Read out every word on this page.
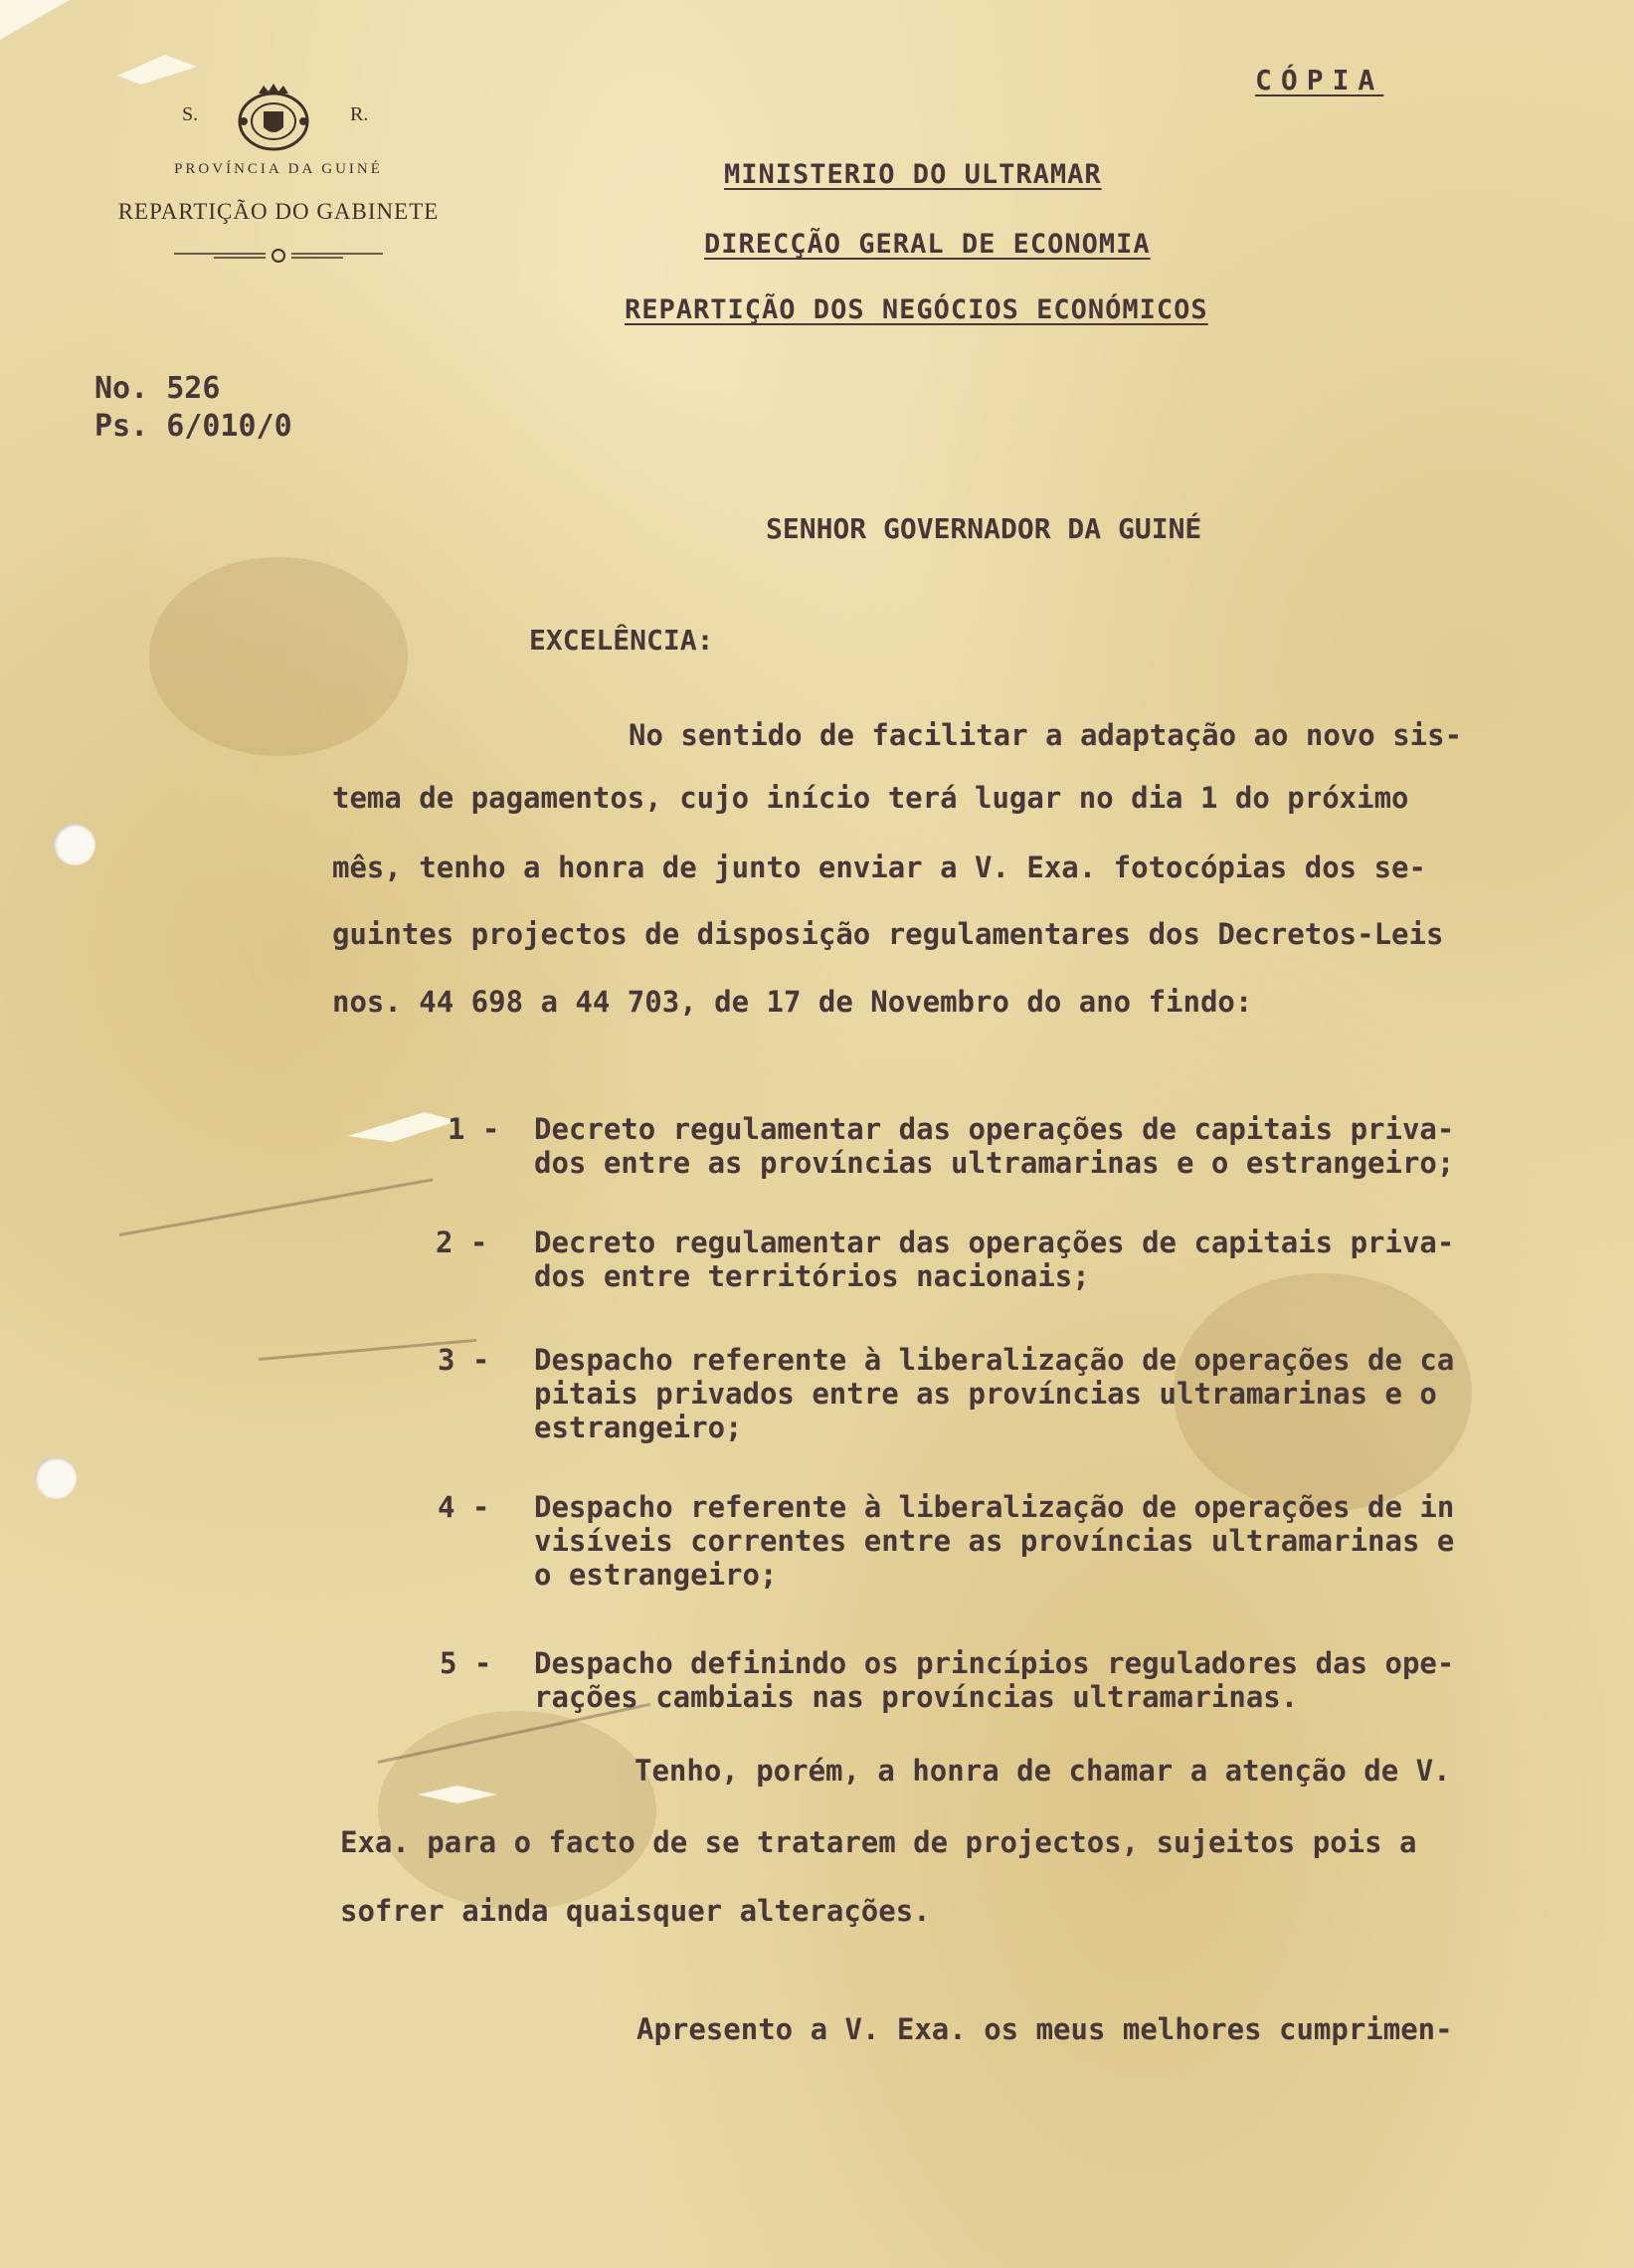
S.	R.
PROVÍNCIA DA GUINÉ
REPARTIÇÃO DO GABINETE
CÓPIA
MINISTERIO DO ULTRAMAR
DIRECÇÃO GERAL DE ECONOMIA
REPARTIÇÃO DOS NEGÓCIOS ECONÓMICOS
No. 526
Ps. 6/010/0
SENHOR GOVERNADOR DA GUINÉ
EXCELÊNCIA:
No sentido de facilitar a adaptação ao novo sis-
tema de pagamentos, cujo início terá lugar no dia 1 do próximo
mês, tenho a honra de junto enviar a V. Exa. fotocópias dos se-
guintes projectos de disposição regulamentares dos Decretos-Leis
nos. 44 698 a 44 703, de 17 de Novembro do ano findo:
1 - Decreto regulamentar das operações de capitais priva-
dos entre as províncias ultramarinas e o estrangeiro;
2 - Decreto regulamentar das operações de capitais priva-
dos entre territórios nacionais;
3 - Despacho referente à liberalização de operações de ca
pitais privados entre as províncias ultramarinas e o
estrangeiro;
4 - Despacho referente à liberalização de operações de in
visíveis correntes entre as províncias ultramarinas e
o estrangeiro;
5 - Despacho definindo os princípios reguladores das ope-
rações cambiais nas províncias ultramarinas.
Tenho, porém, a honra de chamar a atenção de V.
Exa. para o facto de se tratarem de projectos, sujeitos pois a
sofrer ainda quaisquer alterações.
Apresento a V. Exa. os meus melhores cumprimen-
